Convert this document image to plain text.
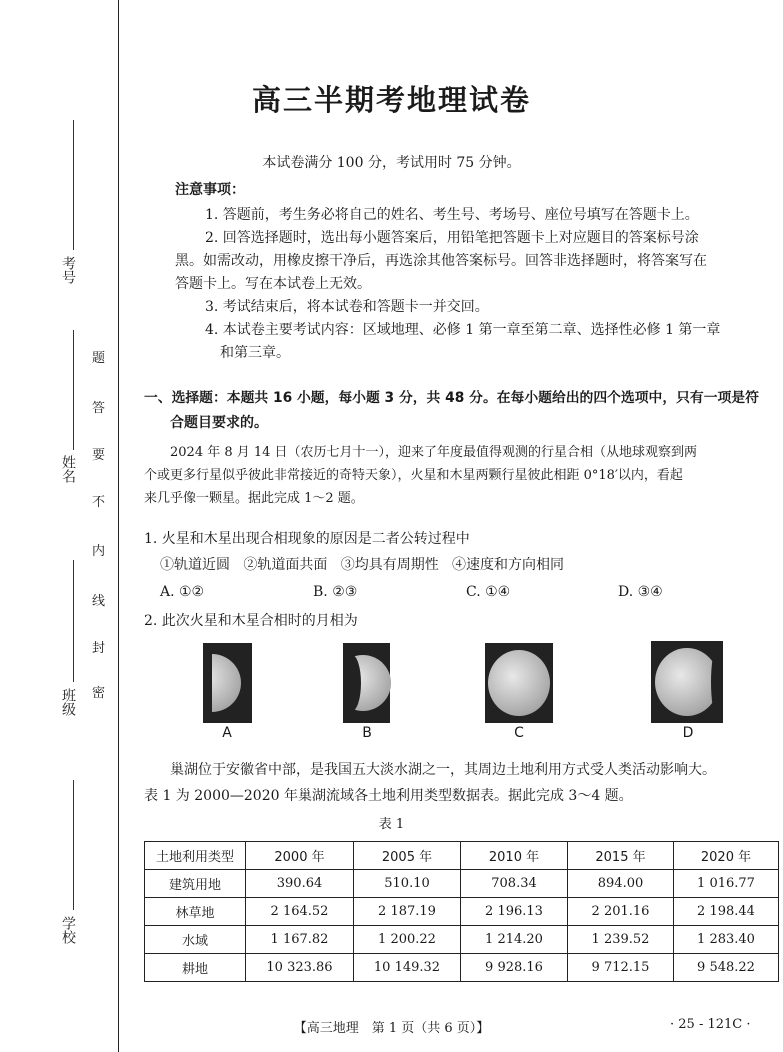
考号
姓名
班级
学校
题
答
要
不
内
线
封
密
高三半期考地理试卷
本试卷满分 100 分，考试用时 75 分钟。
注意事项：
1. 答题前，考生务必将自己的姓名、考生号、考场号、座位号填写在答题卡上。
2. 回答选择题时，选出每小题答案后，用铅笔把答题卡上对应题目的答案标号涂
黑。如需改动，用橡皮擦干净后，再选涂其他答案标号。回答非选择题时，将答案写在
答题卡上。写在本试卷上无效。
3. 考试结束后，将本试卷和答题卡一并交回。
4. 本试卷主要考试内容：区域地理、必修 1 第一章至第二章、选择性必修 1 第一章
和第三章。
一、选择题：本题共 16 小题，每小题 3 分，共 48 分。在每小题给出的四个选项中，只有一项是符
合题目要求的。
2024 年 8 月 14 日（农历七月十一），迎来了年度最值得观测的行星合相（从地球观察到两
个或更多行星似乎彼此非常接近的奇特天象），火星和木星两颗行星彼此相距 0°18′以内，看起
来几乎像一颗星。据此完成 1～2 题。
1. 火星和木星出现合相现象的原因是二者公转过程中
①轨道近圆   ②轨道面共面   ③均具有周期性   ④速度和方向相同
A. ①②	B. ②③	C. ①④	D. ③④
2. 此次火星和木星合相时的月相为
A	B	C	D
巢湖位于安徽省中部，是我国五大淡水湖之一，其周边土地利用方式受人类活动影响大。
表 1 为 2000—2020 年巢湖流域各土地利用类型数据表。据此完成 3～4 题。
表 1
土地利用类型	2000 年	2005 年	2010 年	2015 年	2020 年
建筑用地	390.64	510.10	708.34	894.00	1 016.77
林草地	2 164.52	2 187.19	2 196.13	2 201.16	2 198.44
水域	1 167.82	1 200.22	1 214.20	1 239.52	1 283.40
耕地	10 323.86	10 149.32	9 928.16	9 712.15	9 548.22
【高三地理　第 1 页（共 6 页）】	· 25 - 121C ·
